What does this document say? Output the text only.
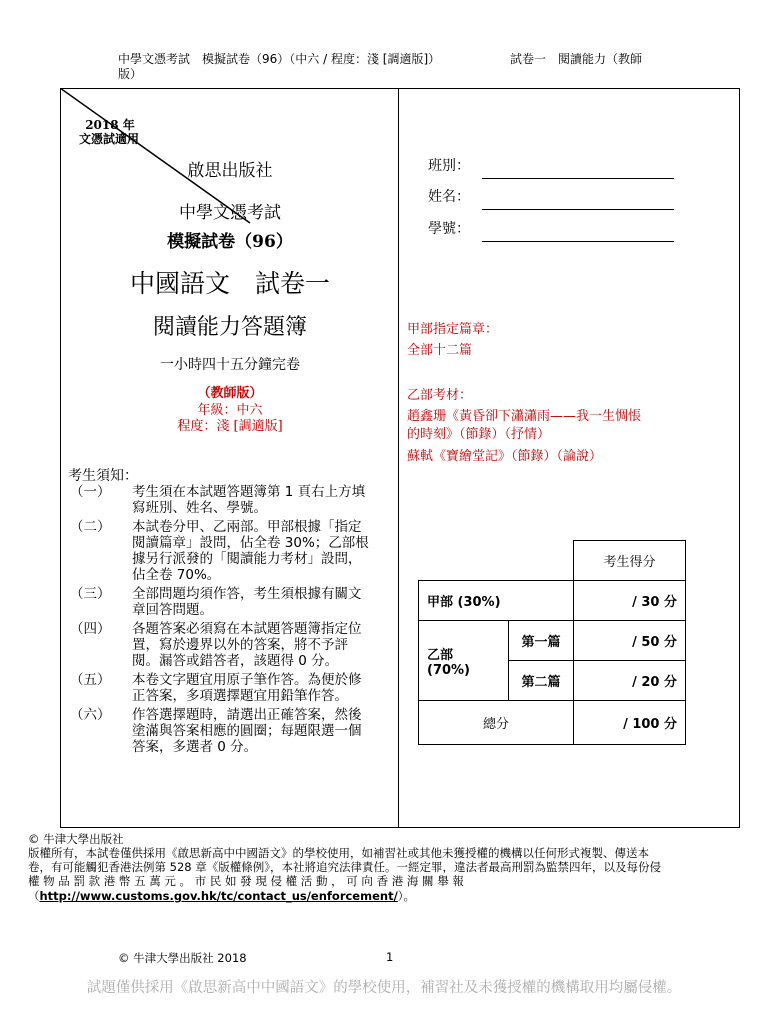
中學文憑考試　模擬試卷（96）（中六 / 程度：淺 [調適版]）	試卷一　閱讀能力（教師
版）
2018 年
文憑試適用
啟思出版社
中學文憑考試
模擬試卷（96）
中國語文　試卷一
閱讀能力答題簿
一小時四十五分鐘完卷
（教師版）
年級：中六
程度：淺 [調適版]
班別：
姓名：
學號：
甲部指定篇章：
全部十二篇
乙部考材：
趙鑫珊《黃昏卻下瀟瀟雨——我一生惆悵
的時刻》（節錄）（抒情）
蘇軾《寶繪堂記》（節錄）（論說）
考生須知：
（一）	考生須在本試題答題簿第 1 頁右上方填
寫班別、姓名、學號。
（二）	本試卷分甲、乙兩部。甲部根據「指定
閱讀篇章」設問，佔全卷 30%；乙部根
據另行派發的「閱讀能力考材」設問，
佔全卷 70%。
（三）	全部問題均須作答，考生須根據有關文
章回答問題。
（四）	各題答案必須寫在本試題答題簿指定位
置，寫於邊界以外的答案，將不予評
閱。漏答或錯答者，該題得 0 分。
（五）	本卷文字題宜用原子筆作答。為便於修
正答案，多項選擇題宜用鉛筆作答。
（六）	作答選擇題時，請選出正確答案，然後
塗滿與答案相應的圓圈；每題限選一個
答案，多選者 0 分。
		考生得分
甲部 (30%)		/ 30 分
乙部 (70%)	第一篇	/ 50 分
	第二篇	/ 20 分
總分		/ 100 分
© 牛津大學出版社
版權所有，本試卷僅供採用《啟思新高中中國語文》的學校使用，如補習社或其他未獲授權的機構以任何形式複製、傳送本
卷，有可能觸犯香港法例第 528 章《版權條例》，本社將追究法律責任。一經定罪，違法者最高刑罰為監禁四年，以及每份侵
權 物 品 罰 款 港 幣 五 萬 元 。 市 民 如 發 現 侵 權 活 動 ， 可 向 香 港 海 關 舉 報
（http://www.customs.gov.hk/tc/contact_us/enforcement/）。
© 牛津大學出版社 2018	1
試題僅供採用《啟思新高中中國語文》的學校使用，補習社及未獲授權的機構取用均屬侵權。
